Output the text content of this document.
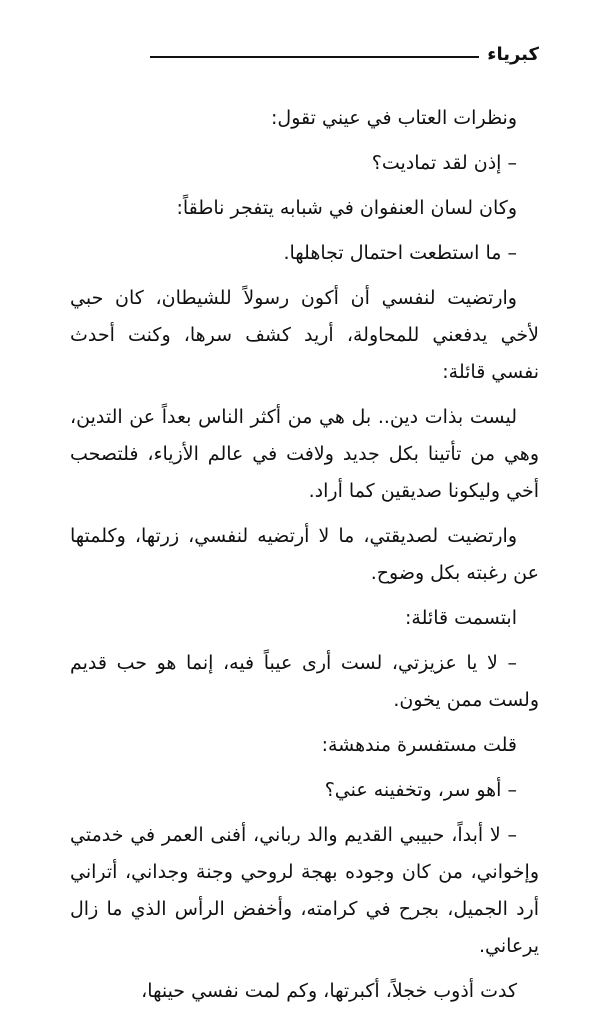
كبرياء

ونظرات العتاب في عيني تقول:

– إذن لقد تماديت؟

وكان لسان العنفوان في شبابه يتفجر ناطقاً:

– ما استطعت احتمال تجاهلها.

وارتضيت لنفسي أن أكون رسولاً للشيطان، كان حبي لأخي يدفعني للمحاولة، أريد كشف سرها، وكنت أحدث نفسي قائلة:

ليست بذات دين.. بل هي من أكثر الناس بعداً عن التدين، وهي من تأتينا بكل جديد ولافت في عالم الأزياء، فلتصحب أخي وليكونا صديقين كما أراد.

وارتضيت لصديقتي، ما لا أرتضيه لنفسي، زرتها، وكلمتها عن رغبته بكل وضوح.

ابتسمت قائلة:

– لا يا عزيزتي، لست أرى عيباً فيه، إنما هو حب قديم ولست ممن يخون.

قلت مستفسرة مندهشة:

– أهو سر، وتخفينه عني؟

– لا أبداً، حبيبي القديم والد رباني، أفنى العمر في خدمتي وإخواني، من كان وجوده بهجة لروحي وجنة وجداني، أتراني أرد الجميل، بجرح في كرامته، وأخفض الرأس الذي ما زال يرعاني.

كدت أذوب خجلاً، أكبرتها، وكم لمت نفسي حينها،
